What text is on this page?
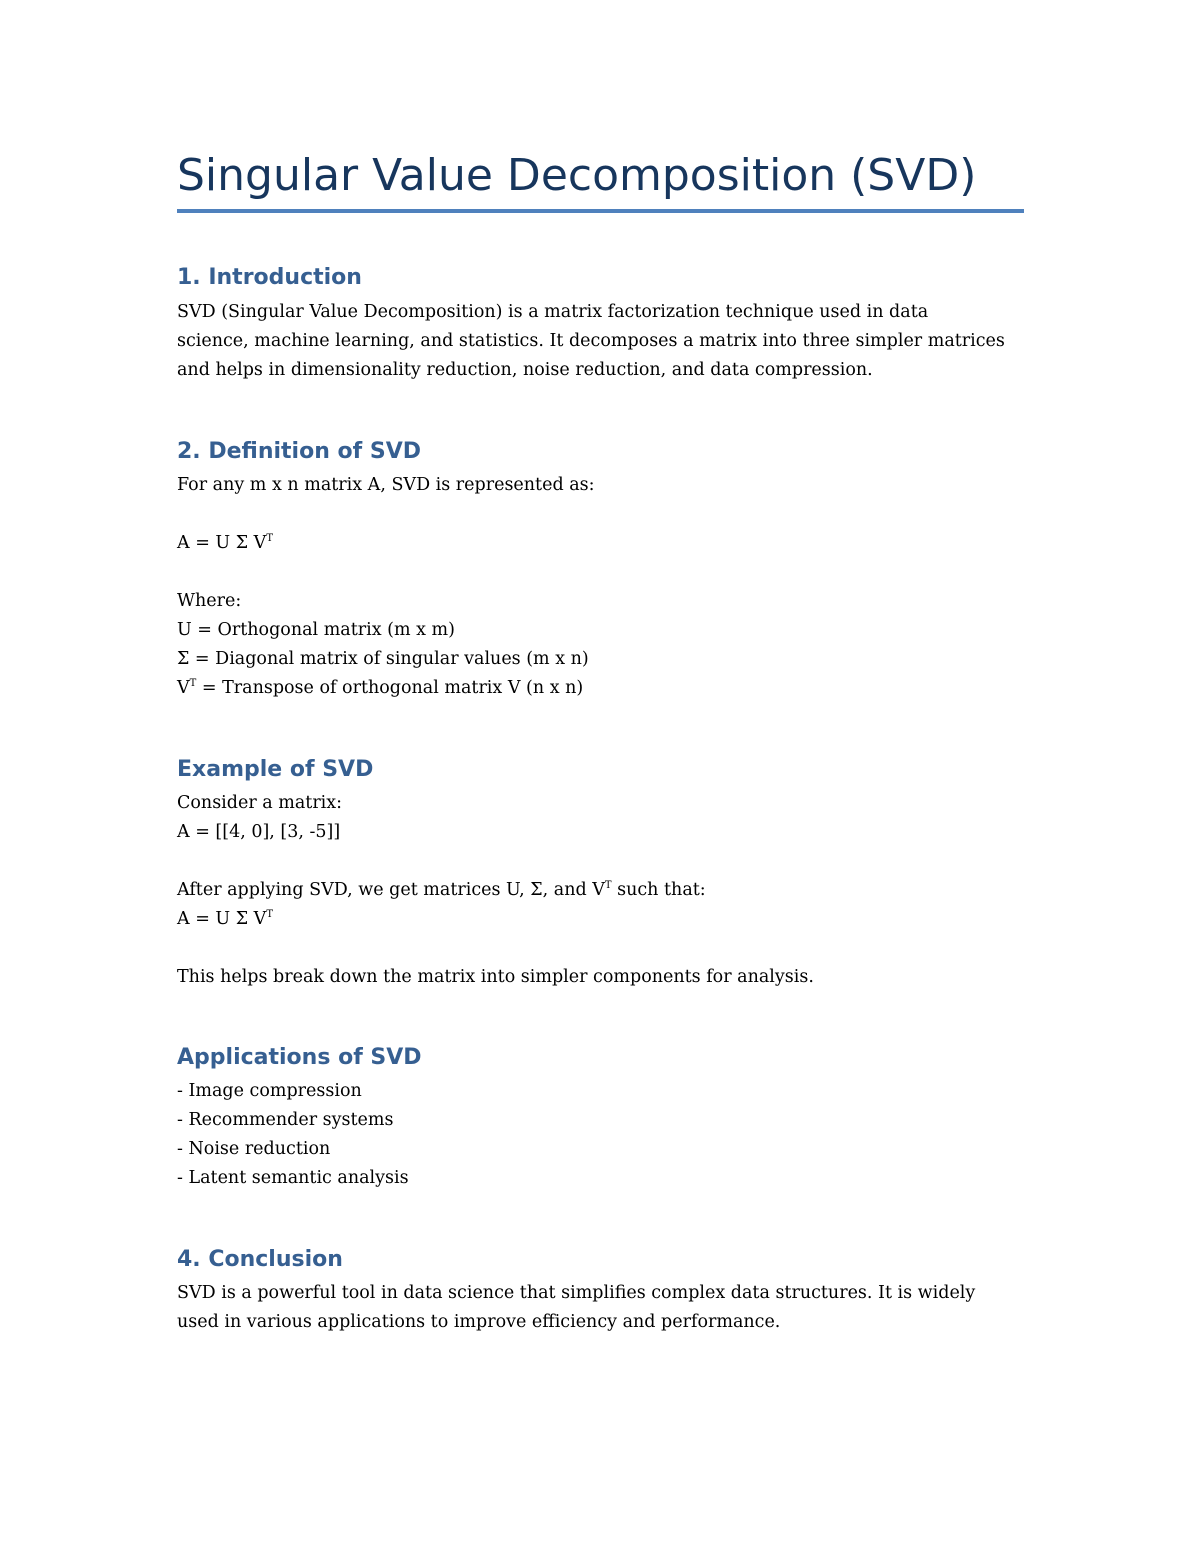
Singular Value Decomposition (SVD)
1. Introduction

SVD (Singular Value Decomposition) is a matrix factorization technique used in data

science, machine learning, and statistics. It decomposes a matrix into three simpler matrices

and helps in dimensionality reduction, noise reduction, and data compression.

2. Definition of SVD

For any m x n matrix A, SVD is represented as:

A = U Σ $V^T$

Where:

U = Orthogonal matrix (m x m)

Σ = Diagonal matrix of singular values (m x n)

$V^T$ = Transpose of orthogonal matrix V (n x n)

Example of SVD

Consider a matrix:

A = [[4, 0], [3, -5]]

After applying SVD, we get matrices U, Σ, and $V^T$ such that:

A = U Σ $V^T$

This helps break down the matrix into simpler components for analysis.

Applications of SVD

- Image compression

- Recommender systems

- Noise reduction

- Latent semantic analysis

4. Conclusion

SVD is a powerful tool in data science that simplifies complex data structures. It is widely

used in various applications to improve efficiency and performance.
